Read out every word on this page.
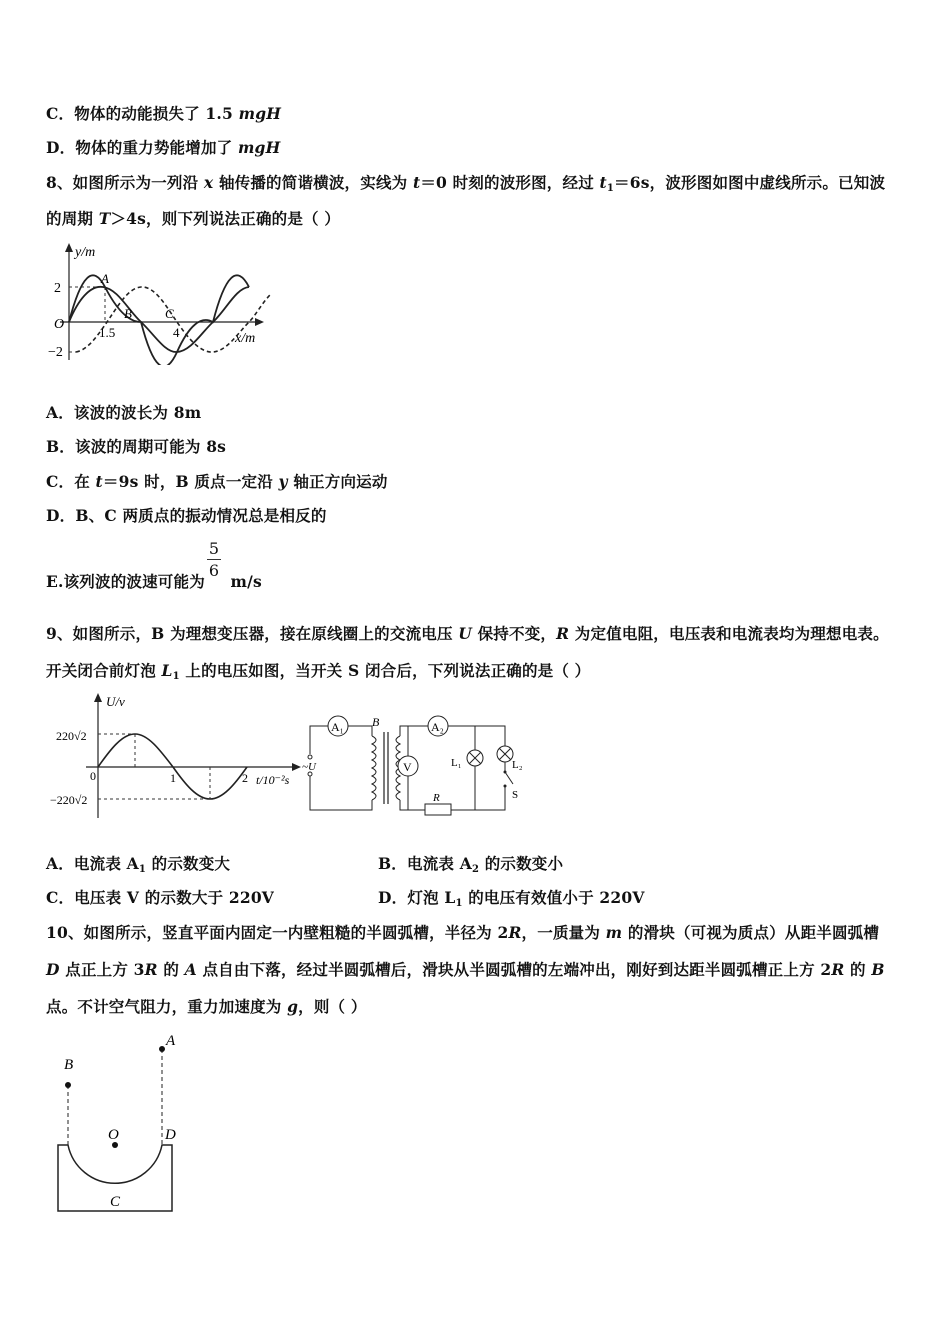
C．物体的动能损失了 1.5 mgH
D．物体的重力势能增加了 mgH
8、如图所示为一列沿 x 轴传播的简谐横波，实线为 t＝0 时刻的波形图，经过 $t_1=6s$，波形图如图中虚线所示。已知波
的周期 T＞4s，则下列说法正确的是（ ）
y/m
x/m
2
−2
O
1.5	4
A
B	C
A．该波的波长为 8m
B．该波的周期可能为 8s
C．在 t＝9s 时，B 质点一定沿 y 轴正方向运动
D．B、C 两质点的振动情况总是相反的
E.该列波的波速可能为 $\frac{5}{6} m/s$
9、如图所示，B 为理想变压器，接在原线圈上的交流电压 U 保持不变，R 为定值电阻，电压表和电流表均为理想电表。
开关闭合前灯泡 $L_1$ 上的电压如图，当开关 S 闭合后，下列说法正确的是（ ）
U/v
220√2
−220√2
0	1	2 t/10⁻²s
A₁
~U
B	A₂
R
V	L₁	L₂
S
A．电流表 $A_1$ 的示数变大	B．电流表 $A_2$ 的示数变小
C．电压表 V 的示数大于 220V	D．灯泡 $L_1$ 的电压有效值小于 220V
10、如图所示，竖直平面内固定一内壁粗糙的半圆弧槽，半径为 2R，一质量为 m 的滑块（可视为质点）从距半圆弧槽
D 点正上方 3R 的 A 点自由下落，经过半圆弧槽后，滑块从半圆弧槽的左端冲出，刚好到达距半圆弧槽正上方 2R 的 B
点。不计空气阻力，重力加速度为 g，则（ ）
B
A
O	D
C
